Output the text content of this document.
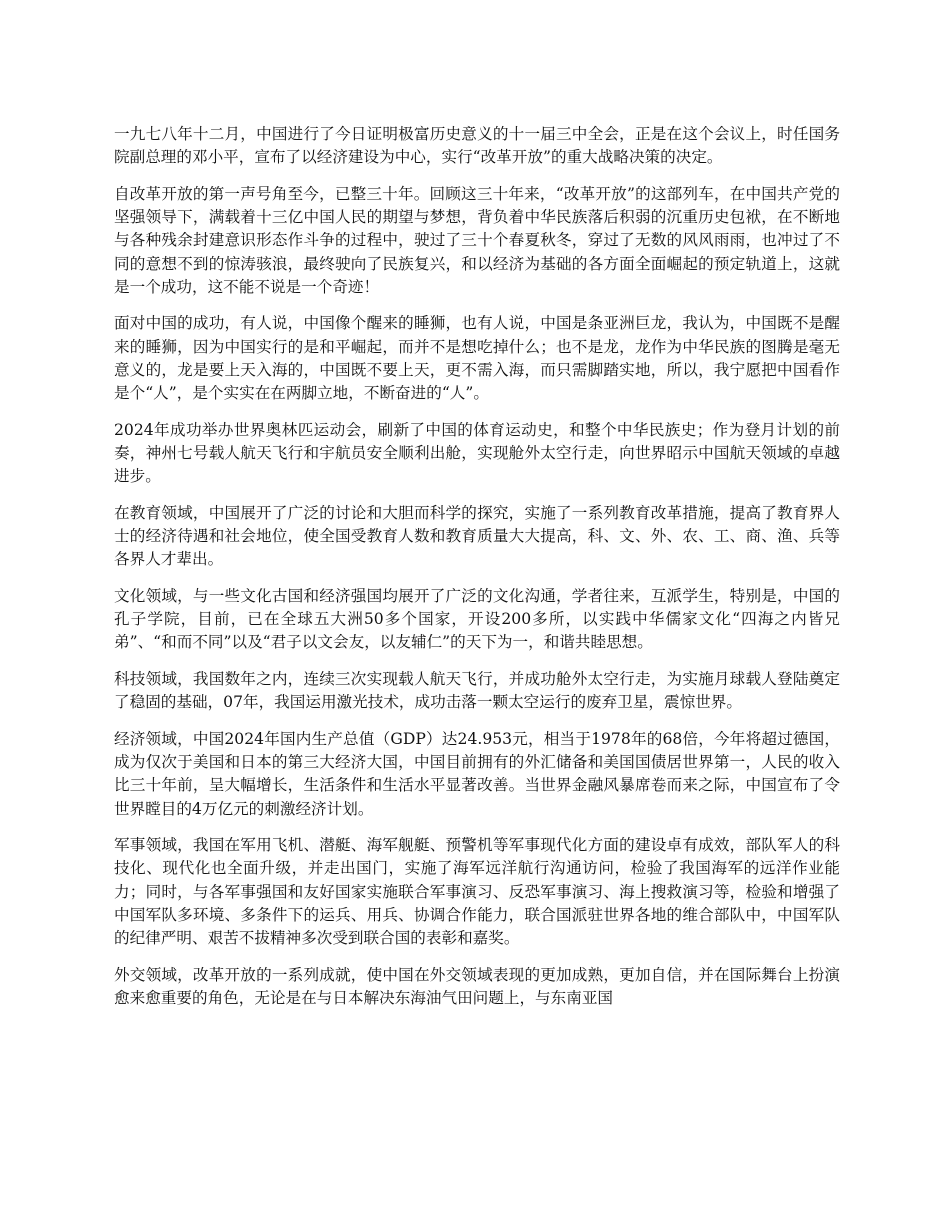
一九七八年十二月，中国进行了今日证明极富历史意义的十一届三中全会，正是在这个会议上，时任国务院副总理的邓小平，宣布了以经济建设为中心，实行“改革开放”的重大战略决策的决定。

自改革开放的第一声号角至今，已整三十年。回顾这三十年来，“改革开放”的这部列车，在中国共产党的坚强领导下，满载着十三亿中国人民的期望与梦想，背负着中华民族落后积弱的沉重历史包袱，在不断地与各种残余封建意识形态作斗争的过程中，驶过了三十个春夏秋冬，穿过了无数的风风雨雨，也冲过了不同的意想不到的惊涛骇浪，最终驶向了民族复兴，和以经济为基础的各方面全面崛起的预定轨道上，这就是一个成功，这不能不说是一个奇迹！

面对中国的成功，有人说，中国像个醒来的睡狮，也有人说，中国是条亚洲巨龙，我认为，中国既不是醒来的睡狮，因为中国实行的是和平崛起，而并不是想吃掉什么；也不是龙，龙作为中华民族的图腾是毫无意义的，龙是要上天入海的，中国既不要上天，更不需入海，而只需脚踏实地，所以，我宁愿把中国看作是个“人”，是个实实在在两脚立地，不断奋进的“人”。

2024年成功举办世界奥林匹运动会，刷新了中国的体育运动史，和整个中华民族史；作为登月计划的前奏，神州七号载人航天飞行和宇航员安全顺利出舱，实现舱外太空行走，向世界昭示中国航天领域的卓越进步。

在教育领域，中国展开了广泛的讨论和大胆而科学的探究，实施了一系列教育改革措施，提高了教育界人士的经济待遇和社会地位，使全国受教育人数和教育质量大大提高，科、文、外、农、工、商、渔、兵等各界人才辈出。

文化领域，与一些文化古国和经济强国均展开了广泛的文化沟通，学者往来，互派学生，特别是，中国的孔子学院，目前，已在全球五大洲50多个国家，开设200多所，以实践中华儒家文化“四海之内皆兄弟”、“和而不同”以及“君子以文会友，以友辅仁”的天下为一，和谐共睦思想。

科技领域，我国数年之内，连续三次实现载人航天飞行，并成功舱外太空行走，为实施月球载人登陆奠定了稳固的基础，07年，我国运用激光技术，成功击落一颗太空运行的废弃卫星，震惊世界。

经济领域，中国2024年国内生产总值（GDP）达24.953元，相当于1978年的68倍，今年将超过德国，成为仅次于美国和日本的第三大经济大国，中国目前拥有的外汇储备和美国国债居世界第一，人民的收入比三十年前，呈大幅增长，生活条件和生活水平显著改善。当世界金融风暴席卷而来之际，中国宣布了令世界瞠目的4万亿元的刺激经济计划。

军事领域，我国在军用飞机、潜艇、海军舰艇、预警机等军事现代化方面的建设卓有成效，部队军人的科技化、现代化也全面升级，并走出国门，实施了海军远洋航行沟通访问，检验了我国海军的远洋作业能力；同时，与各军事强国和友好国家实施联合军事演习、反恐军事演习、海上搜救演习等，检验和增强了中国军队多环境、多条件下的运兵、用兵、协调合作能力，联合国派驻世界各地的维合部队中，中国军队的纪律严明、艰苦不拔精神多次受到联合国的表彰和嘉奖。

外交领域，改革开放的一系列成就，使中国在外交领域表现的更加成熟，更加自信，并在国际舞台上扮演愈来愈重要的角色，无论是在与日本解决东海油气田问题上，与东南亚国
